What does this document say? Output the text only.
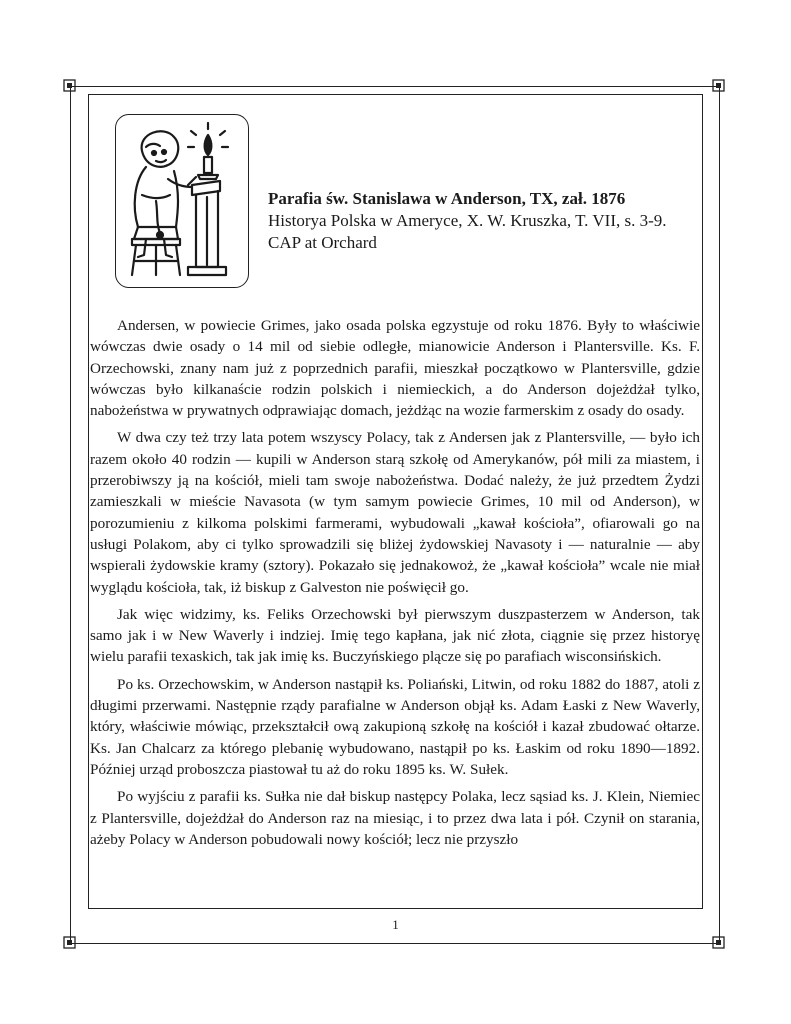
Parafia św. Stanislawa w Anderson, TX, zał. 1876

Historya Polska w Ameryce, X. W. Kruszka, T. VII, s. 3-9.

CAP at Orchard

Andersen, w powiecie Grimes, jako osada polska egzystuje od roku 1876. Były to właściwie wówczas dwie osady o 14 mil od siebie odległe, mianowicie Anderson i Plantersville. Ks. F. Orzechowski, znany nam już z poprzednich parafii, mieszkał początkowo w Plantersville, gdzie wówczas było kilkanaście rodzin polskich i niemieckich, a do Anderson dojeżdżał tylko, nabożeństwa w prywatnych odprawiając domach, jeżdżąc na wozie farmerskim z osady do osady.

W dwa czy też trzy lata potem wszyscy Polacy, tak z Andersen jak z Plantersville, — było ich razem około 40 rodzin — kupili w Anderson starą szkołę od Amerykanów, pół mili za miastem, i przerobiwszy ją na kościół, mieli tam swoje nabożeństwa. Dodać należy, że już przedtem Żydzi zamieszkali w mieście Navasota (w tym samym powiecie Grimes, 10 mil od Anderson), w porozumieniu z kilkoma polskimi farmerami, wybudowali „kawał kościoła”, ofiarowali go na usługi Polakom, aby ci tylko sprowadzili się bliżej żydowskiej Navasoty i — naturalnie — aby wspierali żydowskie kramy (sztory). Pokazało się jednakowoż, że „kawał kościoła” wcale nie miał wyglądu kościoła, tak, iż biskup z Galveston nie poświęcił go.

Jak więc widzimy, ks. Feliks Orzechowski był pierwszym duszpasterzem w Anderson, tak samo jak i w New Waverly i indziej. Imię tego kapłana, jak nić złota, ciągnie się przez historyę wielu parafii texaskich, tak jak imię ks. Buczyńskiego plącze się po parafiach wisconsińskich.

Po ks. Orzechowskim, w Anderson nastąpił ks. Poliański, Litwin, od roku 1882 do 1887, atoli z długimi przerwami. Następnie rządy parafialne w Anderson objął ks. Adam Łaski z New Waverly, który, właściwie mówiąc, przekształcił ową zakupioną szkołę na kościół i kazał zbudować ołtarze. Ks. Jan Chalcarz za którego plebanię wybudowano, nastąpił po ks. Łaskim od roku 1890—1892. Później urząd proboszcza piastował tu aż do roku 1895 ks. W. Sułek.

Po wyjściu z parafii ks. Sułka nie dał biskup następcy Polaka, lecz sąsiad ks. J. Klein, Niemiec z Plantersville, dojeżdżał do Anderson raz na miesiąc, i to przez dwa lata i pół. Czynił on starania, ażeby Polacy w Anderson pobudowali nowy kościół; lecz nie przyszło

1
